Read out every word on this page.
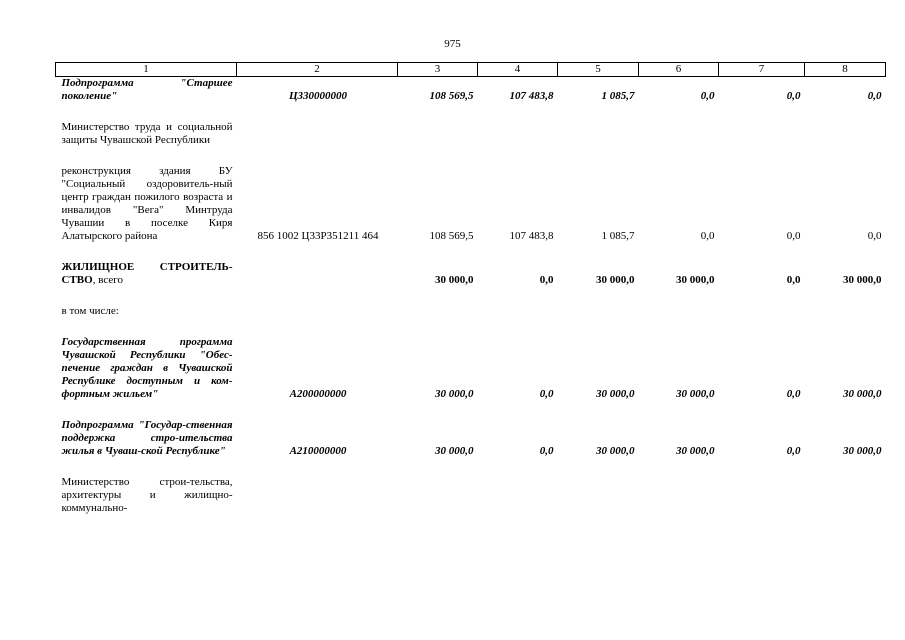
975
1	2	3	4	5	6	7	8
Подпрограмма "Старшее поколение"	Ц330000000	108 569,5	107 483,8	1 085,7	0,0	0,0	0,0

Министерство труда и социальной защиты Чувашской Республики							

реконструкция здания БУ "Социальный оздоровитель-ный центр граждан пожилого возраста и инвалидов "Вега" Минтруда Чувашии в поселке Киря Алатырского района	856 1002 Ц33Р351211 464	108 569,5	107 483,8	1 085,7	0,0	0,0	0,0

ЖИЛИЩНОЕ СТРОИТЕЛЬ-СТВО, всего		30 000,0	0,0	30 000,0	30 000,0	0,0	30 000,0

в том числе:							

Государственная программа Чувашской Республики "Обес-печение граждан в Чувашской Республике доступным и ком-фортным жильем"	А200000000	30 000,0	0,0	30 000,0	30 000,0	0,0	30 000,0

Подпрограмма "Государ-ственная поддержка стро-ительства жилья в Чуваш-ской Республике"	А210000000	30 000,0	0,0	30 000,0	30 000,0	0,0	30 000,0

Министерство строи-тельства, архитектуры и жилищно-коммунально-							
